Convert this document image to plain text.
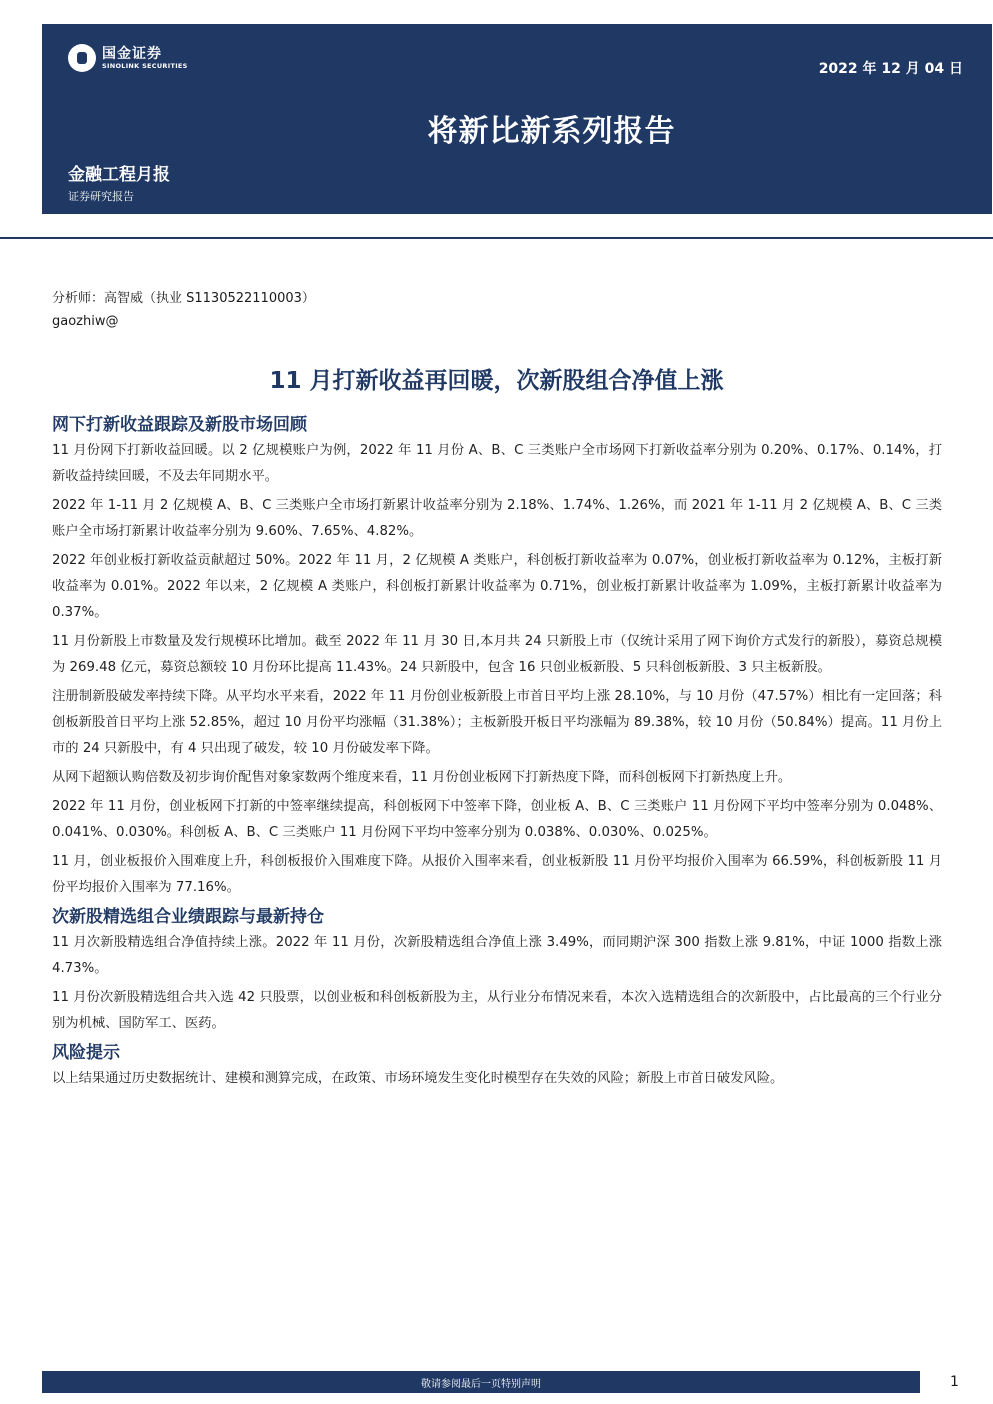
国金证券
SINOLINK SECURITIES	2022 年 12 月 04 日
将新比新系列报告
金融工程月报
证券研究报告
分析师：高智威（执业 S1130522110003）
gaozhiw@
11 月打新收益再回暖，次新股组合净值上涨
网下打新收益跟踪及新股市场回顾

11 月份网下打新收益回暖。以 2 亿规模账户为例，2022 年 11 月份 A、B、C 三类账户全市场网下打新收益率分别为 0.20%、0.17%、0.14%，打新收益持续回暖，不及去年同期水平。

2022 年 1-11 月 2 亿规模 A、B、C 三类账户全市场打新累计收益率分别为 2.18%、1.74%、1.26%，而 2021 年 1-11 月 2 亿规模 A、B、C 三类账户全市场打新累计收益率分别为 9.60%、7.65%、4.82%。

2022 年创业板打新收益贡献超过 50%。2022 年 11 月，2 亿规模 A 类账户，科创板打新收益率为 0.07%，创业板打新收益率为 0.12%，主板打新收益率为 0.01%。2022 年以来，2 亿规模 A 类账户，科创板打新累计收益率为 0.71%，创业板打新累计收益率为 1.09%，主板打新累计收益率为 0.37%。

11 月份新股上市数量及发行规模环比增加。截至 2022 年 11 月 30 日,本月共 24 只新股上市（仅统计采用了网下询价方式发行的新股），募资总规模为 269.48 亿元，募资总额较 10 月份环比提高 11.43%。24 只新股中，包含 16 只创业板新股、5 只科创板新股、3 只主板新股。

注册制新股破发率持续下降。从平均水平来看，2022 年 11 月份创业板新股上市首日平均上涨 28.10%，与 10 月份（47.57%）相比有一定回落；科创板新股首日平均上涨 52.85%，超过 10 月份平均涨幅（31.38%）；主板新股开板日平均涨幅为 89.38%，较 10 月份（50.84%）提高。11 月份上市的 24 只新股中，有 4 只出现了破发，较 10 月份破发率下降。

从网下超额认购倍数及初步询价配售对象家数两个维度来看，11 月份创业板网下打新热度下降，而科创板网下打新热度上升。

2022 年 11 月份，创业板网下打新的中签率继续提高，科创板网下中签率下降，创业板 A、B、C 三类账户 11 月份网下平均中签率分别为 0.048%、0.041%、0.030%。科创板 A、B、C 三类账户 11 月份网下平均中签率分别为 0.038%、0.030%、0.025%。

11 月，创业板报价入围难度上升，科创板报价入围难度下降。从报价入围率来看，创业板新股 11 月份平均报价入围率为 66.59%，科创板新股 11 月份平均报价入围率为 77.16%。

次新股精选组合业绩跟踪与最新持仓

11 月次新股精选组合净值持续上涨。2022 年 11 月份，次新股精选组合净值上涨 3.49%，而同期沪深 300 指数上涨 9.81%，中证 1000 指数上涨 4.73%。

11 月份次新股精选组合共入选 42 只股票，以创业板和科创板新股为主，从行业分布情况来看，本次入选精选组合的次新股中，占比最高的三个行业分别为机械、国防军工、医药。

风险提示

以上结果通过历史数据统计、建模和测算完成，在政策、市场环境发生变化时模型存在失效的风险；新股上市首日破发风险。

敬请参阅最后一页特别声明	1
